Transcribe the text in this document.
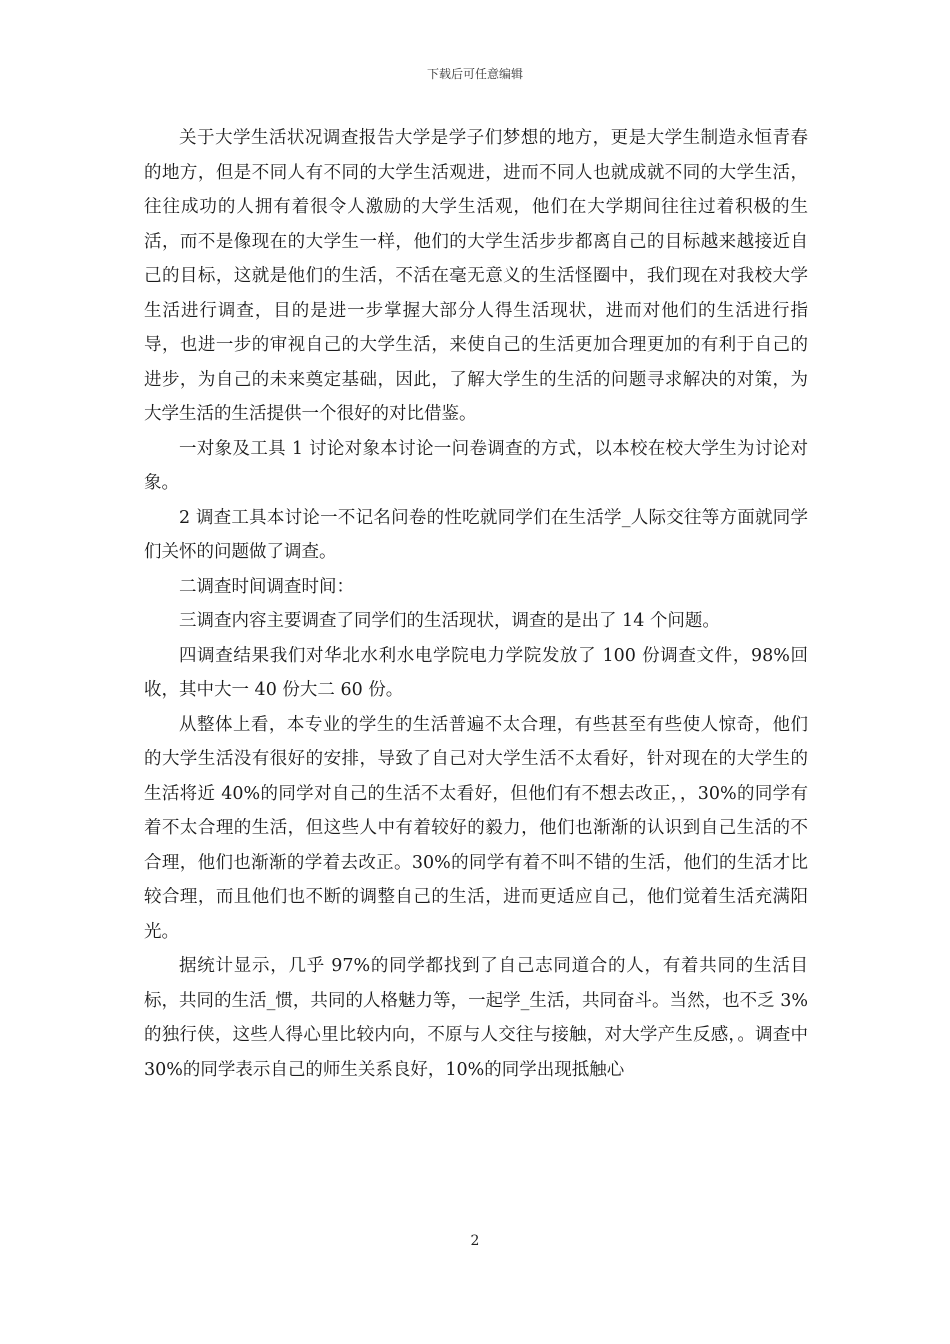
下载后可任意编辑

关于大学生活状况调查报告大学是学子们梦想的地方，更是大学生制造永恒青春的地方，但是不同人有不同的大学生活观进，进而不同人也就成就不同的大学生活，往往成功的人拥有着很令人激励的大学生活观，他们在大学期间往往过着积极的生活，而不是像现在的大学生一样，他们的大学生活步步都离自己的目标越来越接近自己的目标，这就是他们的生活，不活在毫无意义的生活怪圈中，我们现在对我校大学生活进行调查，目的是进一步掌握大部分人得生活现状，进而对他们的生活进行指导，也进一步的审视自己的大学生活，来使自己的生活更加合理更加的有利于自己的进步，为自己的未来奠定基础，因此，了解大学生的生活的问题寻求解决的对策，为大学生活的生活提供一个很好的对比借鉴。

一对象及工具 1 讨论对象本讨论一问卷调查的方式，以本校在校大学生为讨论对象。

2 调查工具本讨论一不记名问卷的性吃就同学们在生活学_人际交往等方面就同学们关怀的问题做了调查。

二调查时间调查时间：

三调查内容主要调查了同学们的生活现状，调查的是出了 14 个问题。

四调查结果我们对华北水利水电学院电力学院发放了 100 份调查文件，98%回收，其中大一 40 份大二 60 份。

从整体上看，本专业的学生的生活普遍不太合理，有些甚至有些使人惊奇，他们的大学生活没有很好的安排，导致了自己对大学生活不太看好，针对现在的大学生的生活将近 40%的同学对自己的生活不太看好，但他们有不想去改正，，30%的同学有着不太合理的生活，但这些人中有着较好的毅力，他们也渐渐的认识到自己生活的不合理，他们也渐渐的学着去改正。30%的同学有着不叫不错的生活，他们的生活才比较合理，而且他们也不断的调整自己的生活，进而更适应自己，他们觉着生活充满阳光。

据统计显示，几乎 97%的同学都找到了自己志同道合的人，有着共同的生活目标，共同的生活_惯，共同的人格魅力等，一起学_生活，共同奋斗。当然，也不乏 3%的独行侠，这些人得心里比较内向，不原与人交往与接触，对大学产生反感，。调查中 30%的同学表示自己的师生关系良好，10%的同学出现抵触心

2
